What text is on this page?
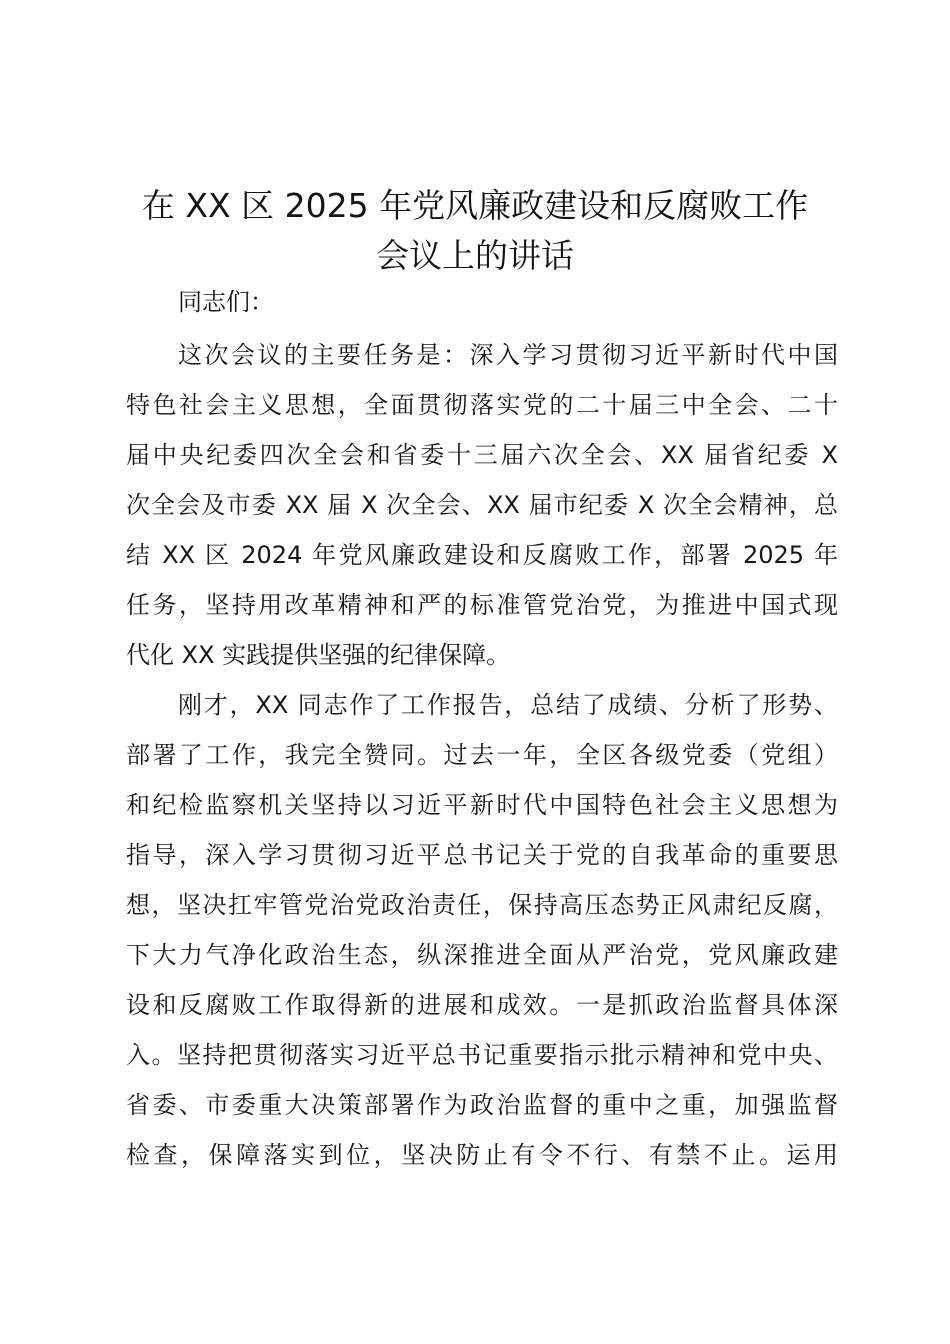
在 XX 区 2025 年党风廉政建设和反腐败工作
会议上的讲话
同志们：
这次会议的主要任务是：深入学习贯彻习近平新时代中国
特色社会主义思想，全面贯彻落实党的二十届三中全会、二十
届中央纪委四次全会和省委十三届六次全会、XX 届省纪委 X
次全会及市委 XX 届 X 次全会、XX 届市纪委 X 次全会精神，总
结 XX 区 2024 年党风廉政建设和反腐败工作，部署 2025 年
任务，坚持用改革精神和严的标准管党治党，为推进中国式现
代化 XX 实践提供坚强的纪律保障。
刚才，XX 同志作了工作报告，总结了成绩、分析了形势、
部署了工作，我完全赞同。过去一年，全区各级党委（党组）
和纪检监察机关坚持以习近平新时代中国特色社会主义思想为
指导，深入学习贯彻习近平总书记关于党的自我革命的重要思
想，坚决扛牢管党治党政治责任，保持高压态势正风肃纪反腐，
下大力气净化政治生态，纵深推进全面从严治党，党风廉政建
设和反腐败工作取得新的进展和成效。一是抓政治监督具体深
入。坚持把贯彻落实习近平总书记重要指示批示精神和党中央、
省委、市委重大决策部署作为政治监督的重中之重，加强监督
检查，保障落实到位，坚决防止有令不行、有禁不止。运用
